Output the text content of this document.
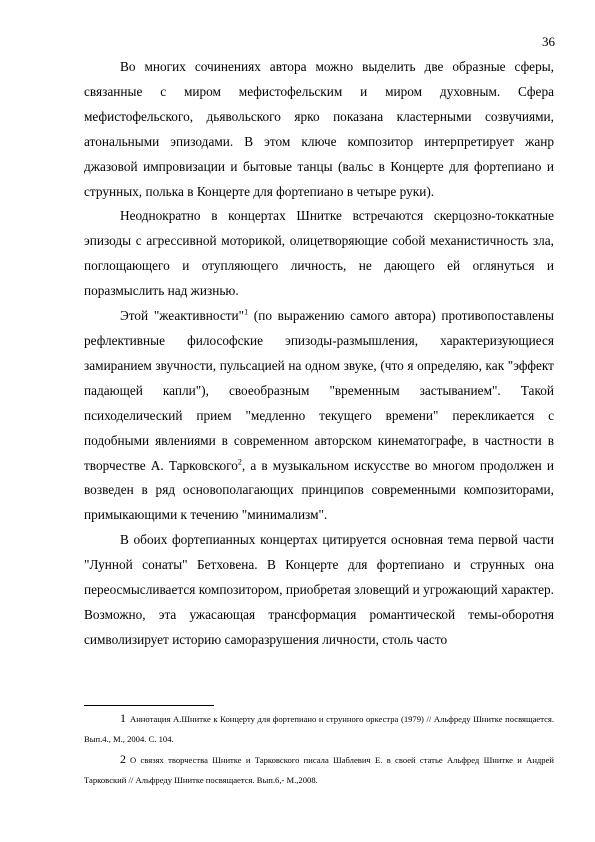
36

Во многих сочинениях автора можно выделить две образные сферы, связанные с миром мефистофельским и миром духовным. Сфера мефистофельского, дьявольского ярко показана кластерными созвучиями, атональными эпизодами. В этом ключе композитор интерпретирует жанр джазовой импровизации и бытовые танцы (вальс в Концерте для фортепиано и струнных, полька в Концерте для фортепиано в четыре руки).

Неоднократно в концертах Шнитке встречаются скерцозно-токкатные эпизоды с агрессивной моторикой, олицетворяющие собой механистичность зла, поглощающего и отупляющего личность, не дающего ей оглянуться и поразмыслить над жизнью.

Этой "жеактивности"$^1$ (по выражению самого автора) противопоставлены рефлективные философские эпизоды-размышления, характеризующиеся замиранием звучности, пульсацией на одном звуке, (что я определяю, как "эффект падающей капли"), своеобразным "временным застыванием". Такой психоделический прием "медленно текущего времени" перекликается с подобными явлениями в современном авторском кинематографе, в частности в творчестве А. Тарковского$^2$, а в музыкальном искусстве во многом продолжен и возведен в ряд основополагающих принципов современными композиторами, примыкающими к течению "минимализм".

В обоих фортепианных концертах цитируется основная тема первой части "Лунной сонаты" Бетховена. В Концерте для фортепиано и струнных она переосмысливается композитором, приобретая зловещий и угрожающий характер. Возможно, эта ужасающая трансформация романтической темы-оборотня символизирует историю саморазрушения личности, столь часто

1 Аннотация А.Шнитке к Концерту для фортепиано и струнного оркестра (1979) // Альфреду Шнитке посвящается. Вып.4., М., 2004. С. 104.

2 О связях творчества Шнитке и Тарковского писала Шаблевич Е. в своей статье Альфред Шнитке и Андрей Тарковский // Альфреду Шнитке посвящается. Вып.6,- М.,2008.
